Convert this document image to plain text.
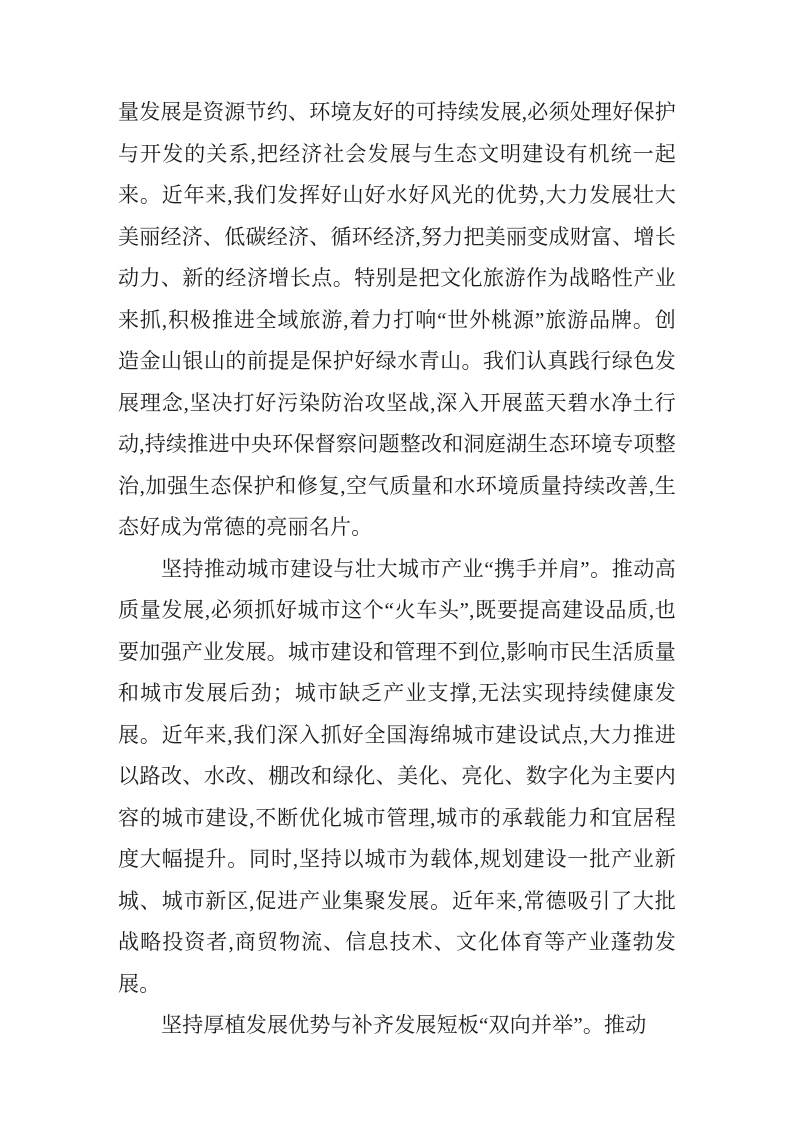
量发展是资源节约、环境友好的可持续发展,必须处理好保护与开发的关系,把经济社会发展与生态文明建设有机统一起来。近年来,我们发挥好山好水好风光的优势,大力发展壮大美丽经济、低碳经济、循环经济,努力把美丽变成财富、增长动力、新的经济增长点。特别是把文化旅游作为战略性产业来抓,积极推进全域旅游,着力打响“世外桃源”旅游品牌。创造金山银山的前提是保护好绿水青山。我们认真践行绿色发展理念,坚决打好污染防治攻坚战,深入开展蓝天碧水净土行动,持续推进中央环保督察问题整改和洞庭湖生态环境专项整治,加强生态保护和修复,空气质量和水环境质量持续改善,生态好成为常德的亮丽名片。

坚持推动城市建设与壮大城市产业“携手并肩”。推动高质量发展,必须抓好城市这个“火车头”,既要提高建设品质,也要加强产业发展。城市建设和管理不到位,影响市民生活质量和城市发展后劲；城市缺乏产业支撑,无法实现持续健康发展。近年来,我们深入抓好全国海绵城市建设试点,大力推进以路改、水改、棚改和绿化、美化、亮化、数字化为主要内容的城市建设,不断优化城市管理,城市的承载能力和宜居程度大幅提升。同时,坚持以城市为载体,规划建设一批产业新城、城市新区,促进产业集聚发展。近年来,常德吸引了大批战略投资者,商贸物流、信息技术、文化体育等产业蓬勃发展。

坚持厚植发展优势与补齐发展短板“双向并举”。推动
